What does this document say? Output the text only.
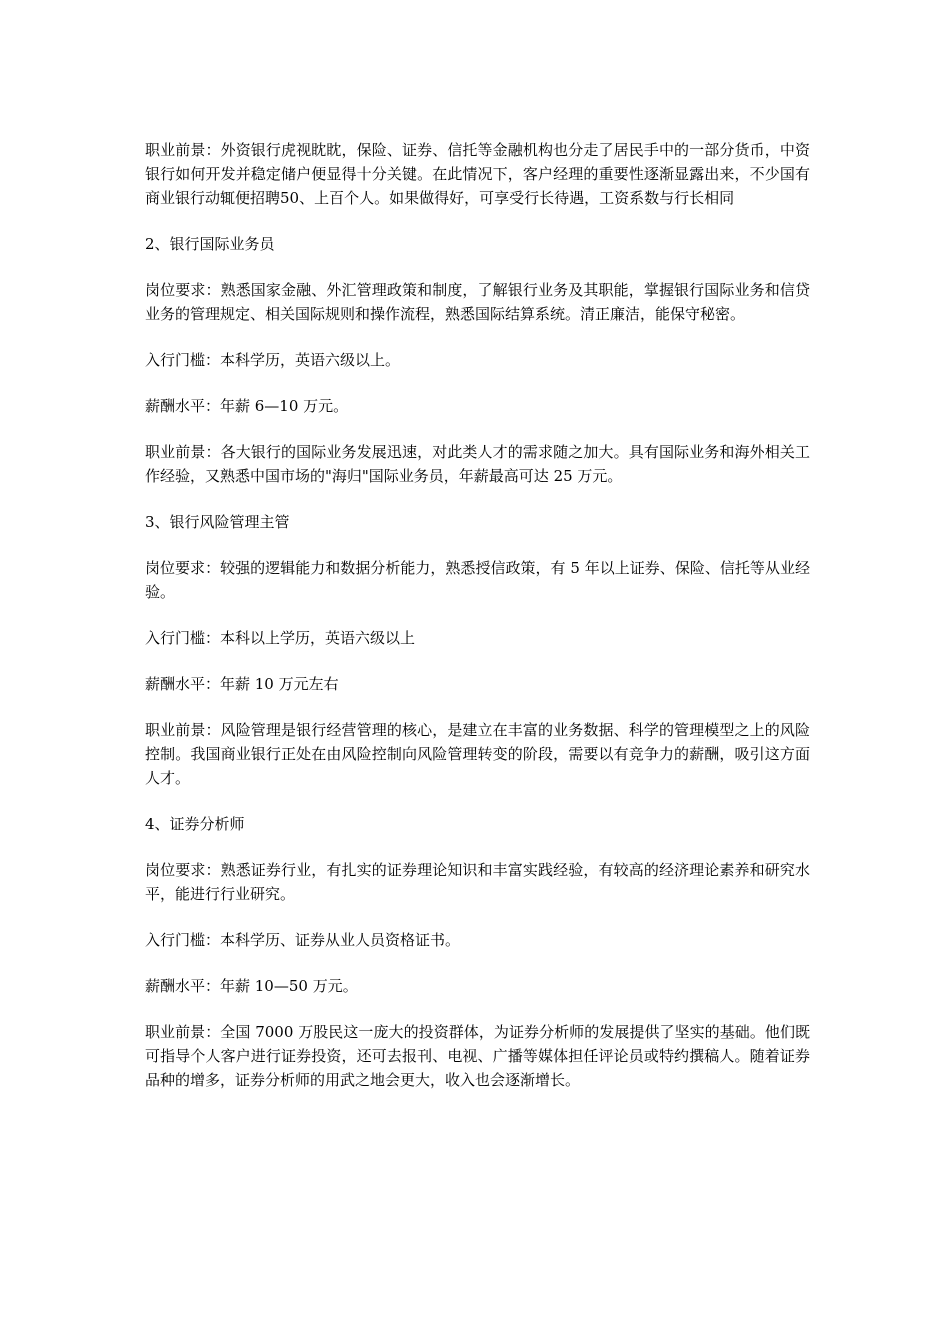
职业前景：外资银行虎视眈眈，保险、证券、信托等金融机构也分走了居民手中的一部分货币，中资银行如何开发并稳定储户便显得十分关键。在此情况下，客户经理的重要性逐渐显露出来，不少国有商业银行动辄便招聘50、上百个人。如果做得好，可享受行长待遇，工资系数与行长相同

2、银行国际业务员

岗位要求：熟悉国家金融、外汇管理政策和制度，了解银行业务及其职能，掌握银行国际业务和信贷业务的管理规定、相关国际规则和操作流程，熟悉国际结算系统。清正廉洁，能保守秘密。

入行门槛：本科学历，英语六级以上。

薪酬水平：年薪 6—10 万元。

职业前景：各大银行的国际业务发展迅速，对此类人才的需求随之加大。具有国际业务和海外相关工作经验，又熟悉中国市场的"海归"国际业务员，年薪最高可达 25 万元。

3、银行风险管理主管

岗位要求：较强的逻辑能力和数据分析能力，熟悉授信政策，有 5 年以上证券、保险、信托等从业经验。

入行门槛：本科以上学历，英语六级以上

薪酬水平：年薪 10 万元左右

职业前景：风险管理是银行经营管理的核心，是建立在丰富的业务数据、科学的管理模型之上的风险控制。我国商业银行正处在由风险控制向风险管理转变的阶段，需要以有竞争力的薪酬，吸引这方面人才。

4、证券分析师

岗位要求：熟悉证券行业，有扎实的证券理论知识和丰富实践经验，有较高的经济理论素养和研究水平，能进行行业研究。

入行门槛：本科学历、证券从业人员资格证书。

薪酬水平：年薪 10—50 万元。

职业前景：全国 7000 万股民这一庞大的投资群体，为证券分析师的发展提供了坚实的基础。他们既可指导个人客户进行证券投资，还可去报刊、电视、广播等媒体担任评论员或特约撰稿人。随着证券品种的增多，证券分析师的用武之地会更大，收入也会逐渐增长。
